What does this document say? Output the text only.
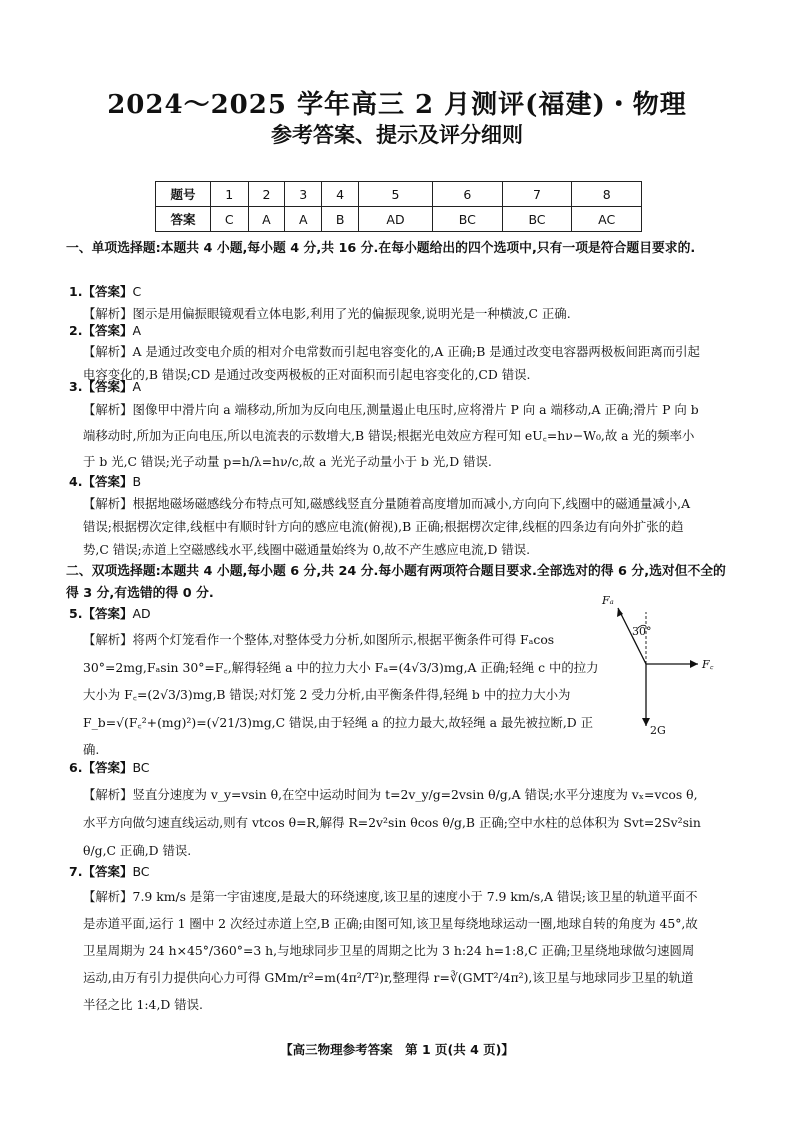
2024～2025 学年高三 2 月测评(福建)・物理
参考答案、提示及评分细则
题号	1	2	3	4	5	6	7	8
答案	C	A	A	B	AD	BC	BC	AC
一、单项选择题:本题共 4 小题,每小题 4 分,共 16 分.在每小题给出的四个选项中,只有一项是符合题目要求的.
1.【答案】C
【解析】图示是用偏振眼镜观看立体电影,利用了光的偏振现象,说明光是一种横波,C 正确.
2.【答案】A
【解析】A 是通过改变电介质的相对介电常数而引起电容变化的,A 正确;B 是通过改变电容器两极板间距离而引起电容变化的,B 错误;CD 是通过改变两极板的正对面积而引起电容变化的,CD 错误.
3.【答案】A
【解析】图像甲中滑片向 a 端移动,所加为反向电压,测量遏止电压时,应将滑片 P 向 a 端移动,A 正确;滑片 P 向 b 端移动时,所加为正向电压,所以电流表的示数增大,B 错误;根据光电效应方程可知 eU꜀=hν−W₀,故 a 光的频率小于 b 光,C 错误;光子动量 p=h/λ=hν/c,故 a 光光子动量小于 b 光,D 错误.
4.【答案】B
【解析】根据地磁场磁感线分布特点可知,磁感线竖直分量随着高度增加而减小,方向向下,线圈中的磁通量减小,A 错误;根据楞次定律,线框中有顺时针方向的感应电流(俯视),B 正确;根据楞次定律,线框的四条边有向外扩张的趋势,C 错误;赤道上空磁感线水平,线圈中磁通量始终为 0,故不产生感应电流,D 错误.
二、双项选择题:本题共 4 小题,每小题 6 分,共 24 分.每小题有两项符合题目要求.全部选对的得 6 分,选对但不全的得 3 分,有选错的得 0 分.
5.【答案】AD
【解析】将两个灯笼看作一个整体,对整体受力分析,如图所示,根据平衡条件可得 Fₐcos 30°=2mg,Fₐsin 30°=F꜀,解得轻绳 a 中的拉力大小 Fₐ=(4√3/3)mg,A 正确;轻绳 c 中的拉力大小为 F꜀=(2√3/3)mg,B 错误;对灯笼 2 受力分析,由平衡条件得,轻绳 b 中的拉力大小为 F_b=√(F꜀²+(mg)²)=(√21/3)mg,C 错误,由于轻绳 a 的拉力最大,故轻绳 a 最先被拉断,D 正确.
Fₐ
30°
F꜀
2G
6.【答案】BC
【解析】竖直分速度为 v_y=vsin θ,在空中运动时间为 t=2v_y/g=2vsin θ/g,A 错误;水平分速度为 vₓ=vcos θ,水平方向做匀速直线运动,则有 vtcos θ=R,解得 R=2v²sin θcos θ/g,B 正确;空中水柱的总体积为 Svt=2Sv²sin θ/g,C 正确,D 错误.
7.【答案】BC
【解析】7.9 km/s 是第一宇宙速度,是最大的环绕速度,该卫星的速度小于 7.9 km/s,A 错误;该卫星的轨道平面不是赤道平面,运行 1 圈中 2 次经过赤道上空,B 正确;由图可知,该卫星每绕地球运动一圈,地球自转的角度为 45°,故卫星周期为 24 h×45°/360°=3 h,与地球同步卫星的周期之比为 3 h:24 h=1:8,C 正确;卫星绕地球做匀速圆周运动,由万有引力提供向心力可得 GMm/r²=m(4π²/T²)r,整理得 r=∛(GMT²/4π²),该卫星与地球同步卫星的轨道半径之比 1:4,D 错误.
【高三物理参考答案　第 1 页(共 4 页)】
